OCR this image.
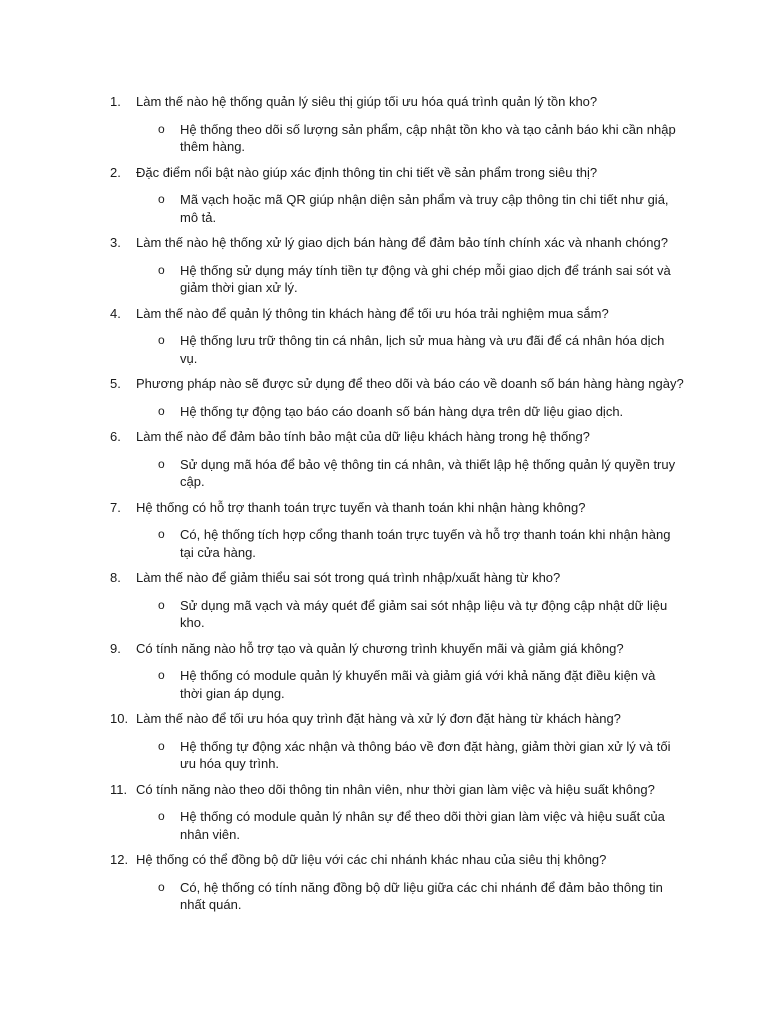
1.	Làm thế nào hệ thống quản lý siêu thị giúp tối ưu hóa quá trình quản lý tồn kho?
o	Hệ thống theo dõi số lượng sản phẩm, cập nhật tồn kho và tạo cảnh báo khi cần nhập thêm hàng.
2.	Đặc điểm nổi bật nào giúp xác định thông tin chi tiết về sản phẩm trong siêu thị?
o	Mã vạch hoặc mã QR giúp nhận diện sản phẩm và truy cập thông tin chi tiết như giá, mô tả.
3.	Làm thế nào hệ thống xử lý giao dịch bán hàng để đảm bảo tính chính xác và nhanh chóng?
o	Hệ thống sử dụng máy tính tiền tự động và ghi chép mỗi giao dịch để tránh sai sót và giảm thời gian xử lý.
4.	Làm thế nào để quản lý thông tin khách hàng để tối ưu hóa trải nghiệm mua sắm?
o	Hệ thống lưu trữ thông tin cá nhân, lịch sử mua hàng và ưu đãi để cá nhân hóa dịch vụ.
5.	Phương pháp nào sẽ được sử dụng để theo dõi và báo cáo về doanh số bán hàng hàng ngày?
o	Hệ thống tự động tạo báo cáo doanh số bán hàng dựa trên dữ liệu giao dịch.
6.	Làm thế nào để đảm bảo tính bảo mật của dữ liệu khách hàng trong hệ thống?
o	Sử dụng mã hóa để bảo vệ thông tin cá nhân, và thiết lập hệ thống quản lý quyền truy cập.
7.	Hệ thống có hỗ trợ thanh toán trực tuyến và thanh toán khi nhận hàng không?
o	Có, hệ thống tích hợp cổng thanh toán trực tuyến và hỗ trợ thanh toán khi nhận hàng tại cửa hàng.
8.	Làm thế nào để giảm thiểu sai sót trong quá trình nhập/xuất hàng từ kho?
o	Sử dụng mã vạch và máy quét để giảm sai sót nhập liệu và tự động cập nhật dữ liệu kho.
9.	Có tính năng nào hỗ trợ tạo và quản lý chương trình khuyến mãi và giảm giá không?
o	Hệ thống có module quản lý khuyến mãi và giảm giá với khả năng đặt điều kiện và thời gian áp dụng.
10. Làm thế nào để tối ưu hóa quy trình đặt hàng và xử lý đơn đặt hàng từ khách hàng?
o	Hệ thống tự động xác nhận và thông báo về đơn đặt hàng, giảm thời gian xử lý và tối ưu hóa quy trình.
11. Có tính năng nào theo dõi thông tin nhân viên, như thời gian làm việc và hiệu suất không?
o	Hệ thống có module quản lý nhân sự để theo dõi thời gian làm việc và hiệu suất của nhân viên.
12. Hệ thống có thể đồng bộ dữ liệu với các chi nhánh khác nhau của siêu thị không?
o	Có, hệ thống có tính năng đồng bộ dữ liệu giữa các chi nhánh để đảm bảo thông tin nhất quán.
